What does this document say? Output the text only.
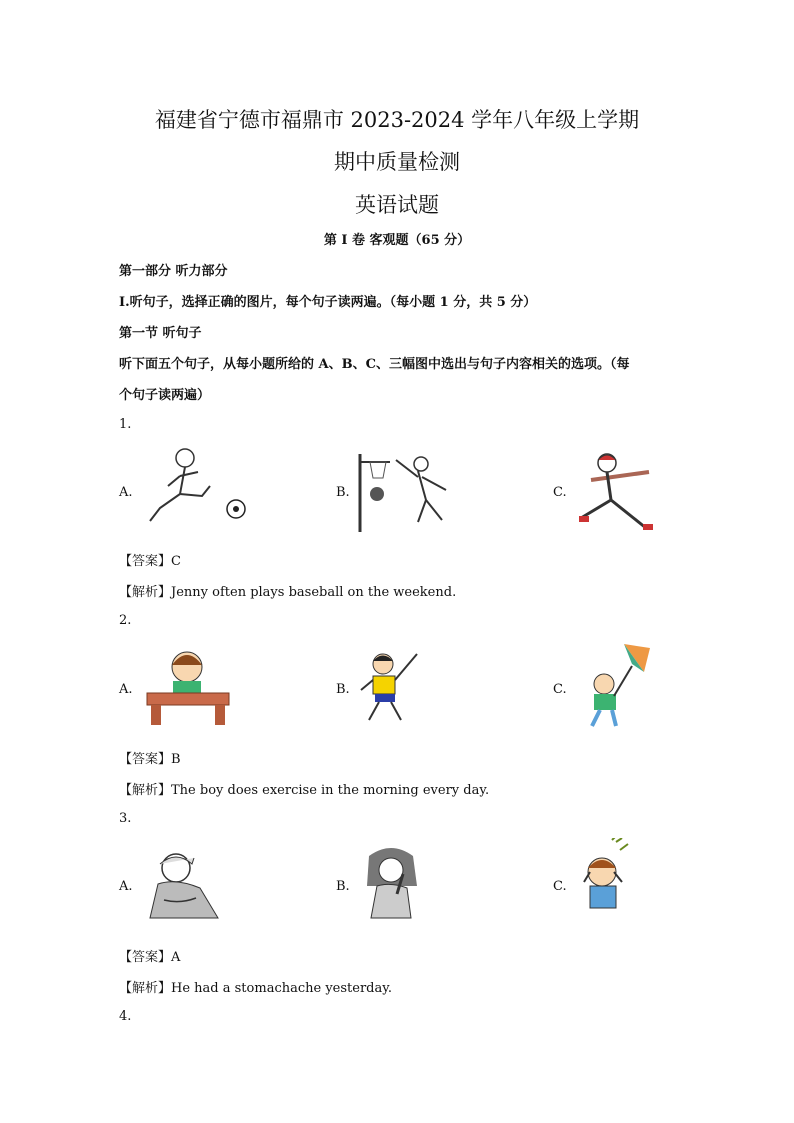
福建省宁德市福鼎市 2023-2024 学年八年级上学期
期中质量检测
英语试题
第 I 卷 客观题（65 分）
第一部分 听力部分
I.听句子，选择正确的图片，每个句子读两遍。（每小题 1 分，共 5 分）
第一节 听句子
听下面五个句子，从每小题所给的 A、B、C、三幅图中选出与句子内容相关的选项。（每
个句子读两遍）
1.
A.	B.	C.
【答案】C
【解析】Jenny often plays baseball on the weekend.
2.
A.	B.	C.
【答案】B
【解析】The boy does exercise in the morning every day.
3.
A.	B.	C.
【答案】A
【解析】He had a stomachache yesterday.
4.
